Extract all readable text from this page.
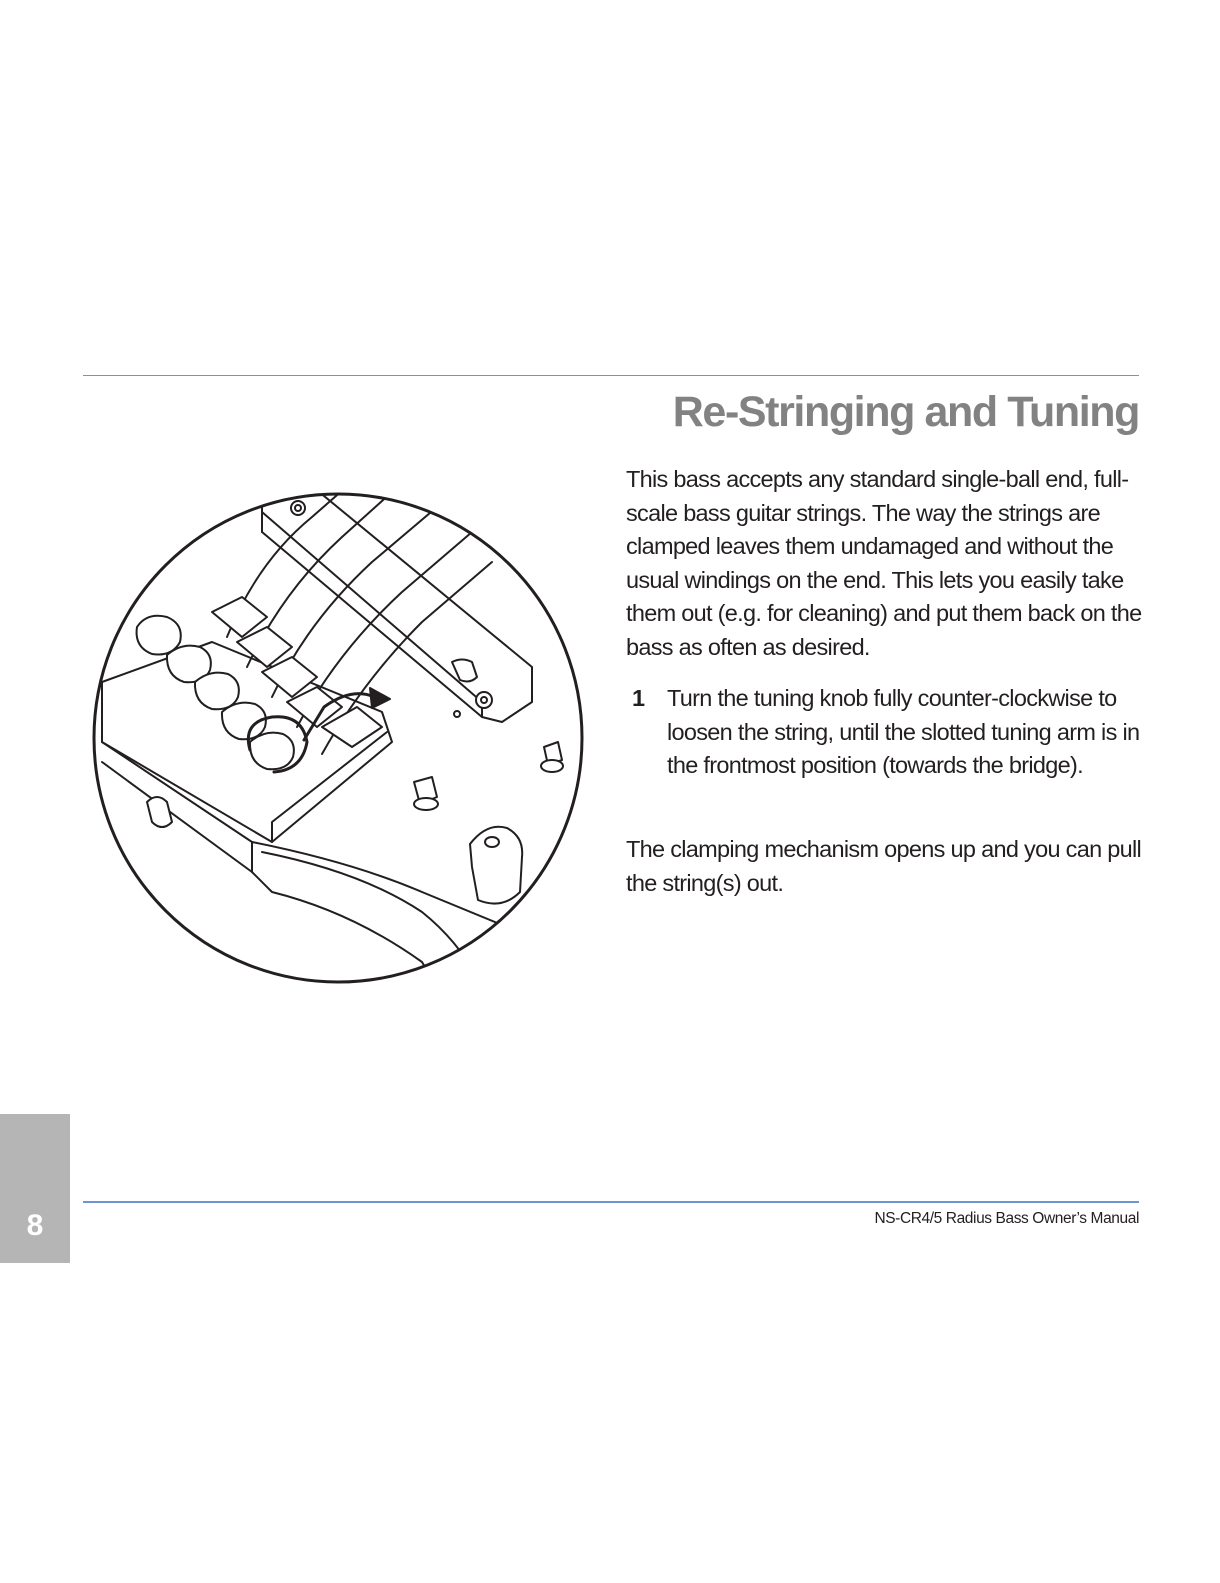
Re-Stringing and Tuning
This bass accepts any standard single-ball end, full-scale bass guitar strings. The way the strings are clamped leaves them undamaged and without the usual windings on the end. This lets you easily take them out (e.g. for cleaning) and put them back on the bass as often as desired.
1 Turn the tuning knob fully counter-clockwise to loosen the string, until the slotted tuning arm is in the frontmost position (towards the bridge).
The clamping mechanism opens up and you can pull the string(s) out.
8	NS-CR4/5 Radius Bass Owner’s Manual
